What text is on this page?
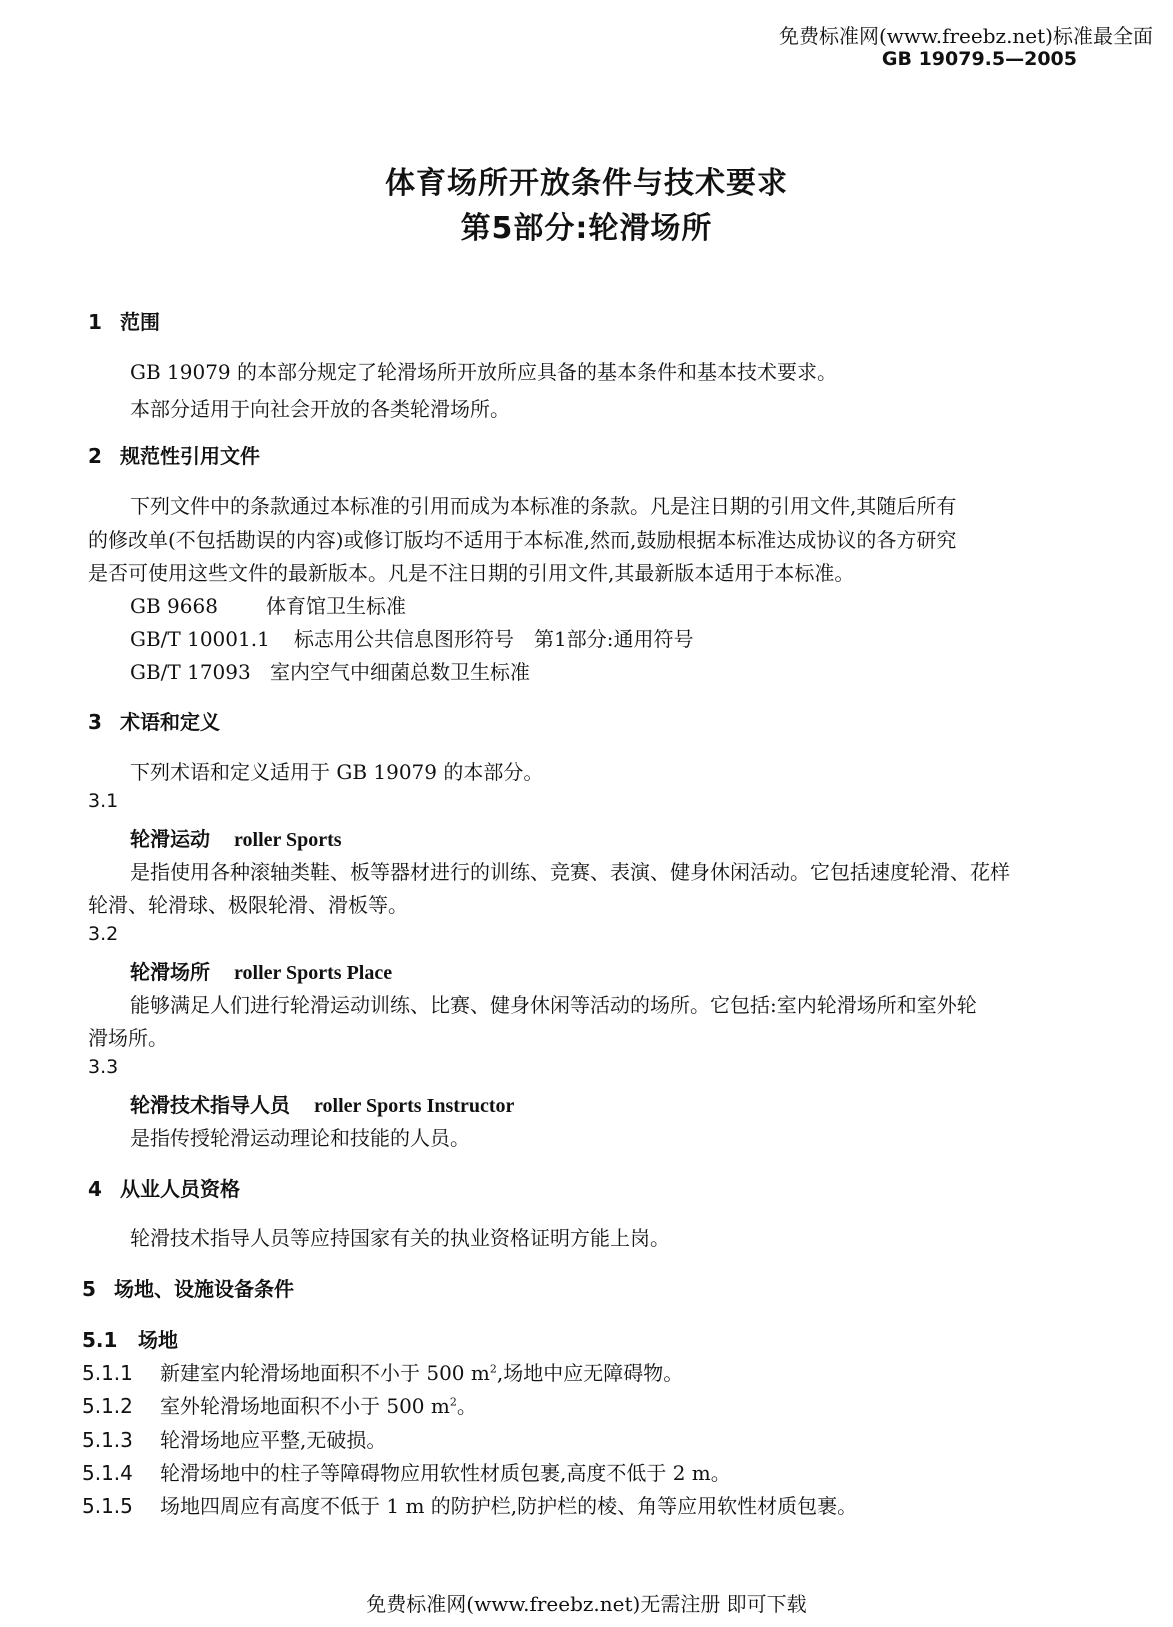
免费标准网(www.freebz.net)标准最全面
GB 19079.5—2005
体育场所开放条件与技术要求
第5部分:轮滑场所
1 范围
GB 19079 的本部分规定了轮滑场所开放所应具备的基本条件和基本技术要求。
本部分适用于向社会开放的各类轮滑场所。
2 规范性引用文件
下列文件中的条款通过本标准的引用而成为本标准的条款。凡是注日期的引用文件,其随后所有
的修改单(不包括勘误的内容)或修订版均不适用于本标准,然而,鼓励根据本标准达成协议的各方研究
是否可使用这些文件的最新版本。凡是不注日期的引用文件,其最新版本适用于本标准。
GB 9668 体育馆卫生标准
GB/T 10001.1 标志用公共信息图形符号　第1部分:通用符号
GB/T 17093 室内空气中细菌总数卫生标准
3 术语和定义
下列术语和定义适用于 GB 19079 的本部分。
3.1
轮滑运动 roller Sports
是指使用各种滚轴类鞋、板等器材进行的训练、竞赛、表演、健身休闲活动。它包括速度轮滑、花样
轮滑、轮滑球、极限轮滑、滑板等。
3.2
轮滑场所 roller Sports Place
能够满足人们进行轮滑运动训练、比赛、健身休闲等活动的场所。它包括:室内轮滑场所和室外轮
滑场所。
3.3
轮滑技术指导人员 roller Sports Instructor
是指传授轮滑运动理论和技能的人员。
4 从业人员资格
轮滑技术指导人员等应持国家有关的执业资格证明方能上岗。
5 场地、设施设备条件
5.1 场地
5.1.1 新建室内轮滑场地面积不小于 500 $m^2$,场地中应无障碍物。
5.1.2 室外轮滑场地面积不小于 500 $m^2$。
5.1.3 轮滑场地应平整,无破损。
5.1.4 轮滑场地中的柱子等障碍物应用软性材质包裹,高度不低于 2 m。
5.1.5 场地四周应有高度不低于 1 m 的防护栏,防护栏的棱、角等应用软性材质包裹。
免费标准网(www.freebz.net)无需注册 即可下载
